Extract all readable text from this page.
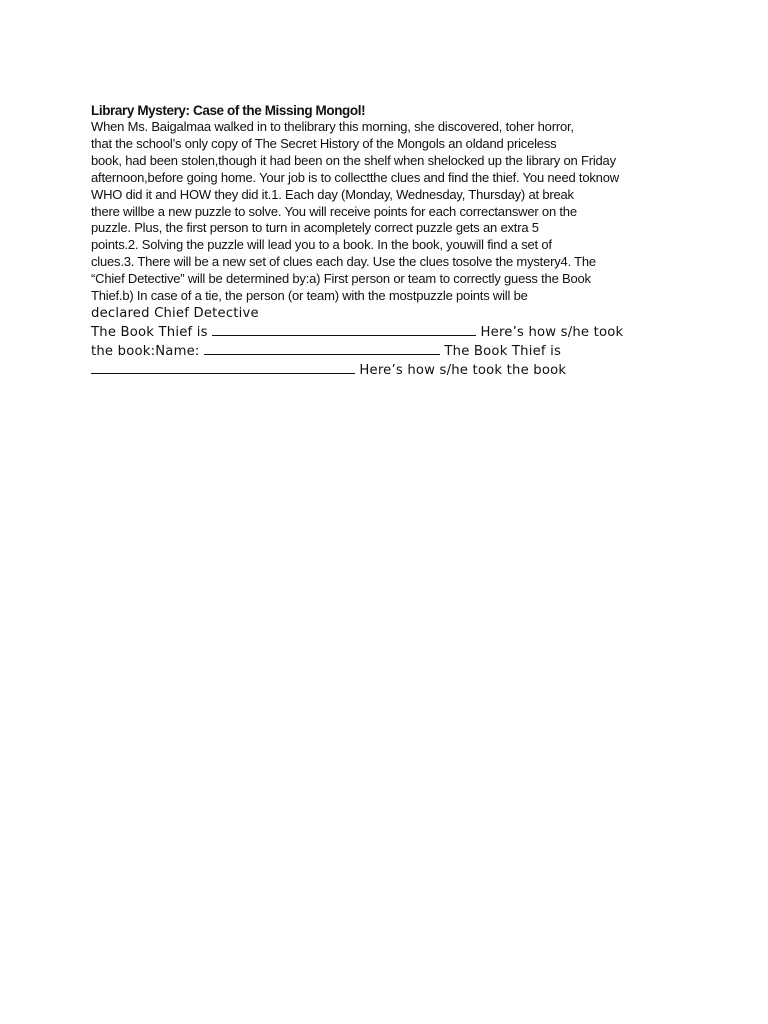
Library Mystery: Case of the Missing Mongol!
When Ms. Baigalmaa walked in to thelibrary this morning, she discovered, toher horror,
that the school’s only copy of The Secret History of the Mongols an oldand priceless
book, had been stolen,though it had been on the shelf when shelocked up the library on Friday
afternoon,before going home. Your job is to collectthe clues and find the thief. You need toknow
WHO did it and HOW they did it.1. Each day (Monday, Wednesday, Thursday) at break
there willbe a new puzzle to solve. You will receive points for each correctanswer on the
puzzle. Plus, the first person to turn in acompletely correct puzzle gets an extra 5
points.2. Solving the puzzle will lead you to a book. In the book, youwill find a set of
clues.3. There will be a new set of clues each day. Use the clues tosolve the mystery4. The
“Chief Detective” will be determined by:a) First person or team to correctly guess the Book
Thief.b) In case of a tie, the person (or team) with the mostpuzzle points will be
declared Chief Detective
The Book Thief is	Here’s how s/he took
the book:Name:	The Book Thief is
Here’s how s/he took the book
